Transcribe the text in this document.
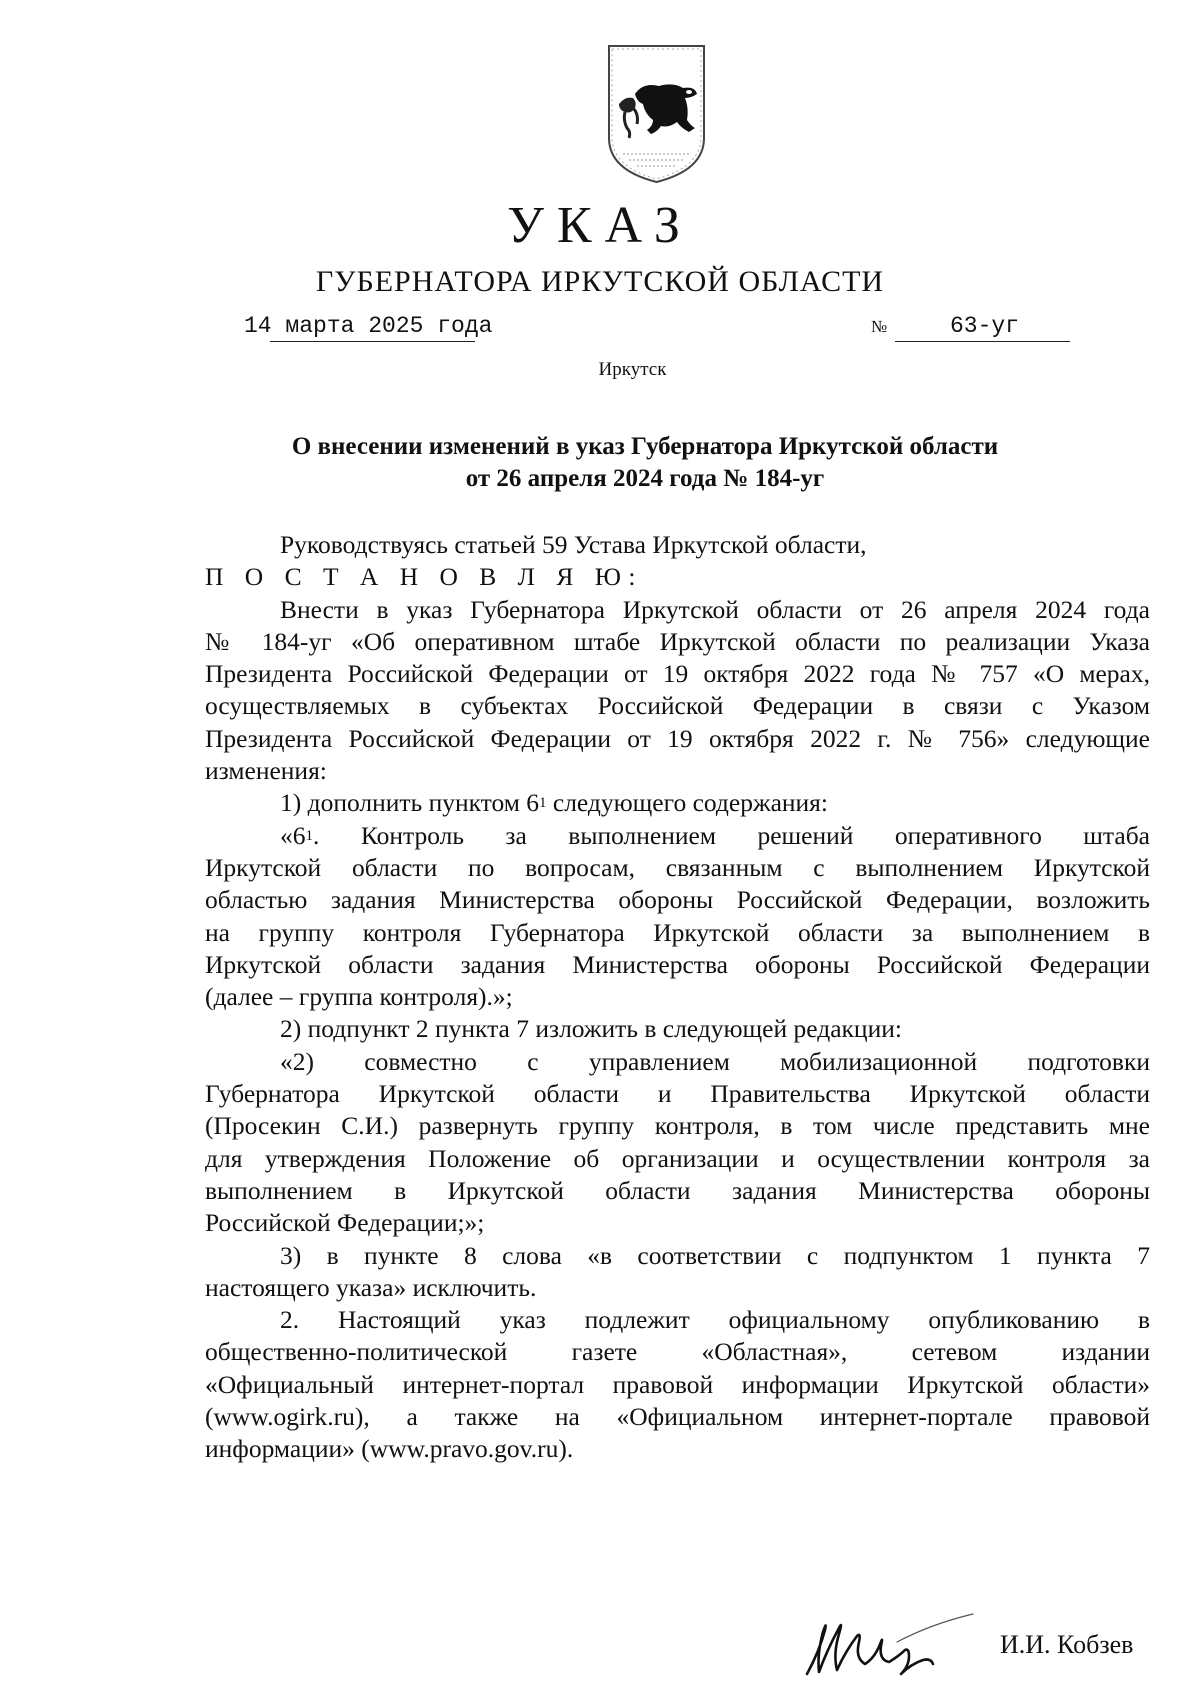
УКАЗ
ГУБЕРНАТОРА ИРКУТСКОЙ ОБЛАСТИ
14 марта 2025 года	№	63-уг
Иркутск
О внесении изменений в указ Губернатора Иркутской области
от 26 апреля 2024 года № 184-уг
Руководствуясь статьей 59 Устава Иркутской области,
П О С Т А Н О В Л Я Ю:
Внести в указ Губернатора Иркутской области от 26 апреля 2024 года
№ 184-уг «Об оперативном штабе Иркутской области по реализации Указа
Президента Российской Федерации от 19 октября 2022 года № 757 «О мерах,
осуществляемых в субъектах Российской Федерации в связи с Указом
Президента Российской Федерации от 19 октября 2022 г. № 756» следующие
изменения:
1) дополнить пунктом $6^1$ следующего содержания:
«$6^1$ . Контроль за выполнением решений оперативного штаба
Иркутской области по вопросам, связанным с выполнением Иркутской
областью задания Министерства обороны Российской Федерации, возложить
на группу контроля Губернатора Иркутской области за выполнением в
Иркутской области задания Министерства обороны Российской Федерации
(далее – группа контроля).»;
2) подпункт 2 пункта 7 изложить в следующей редакции:
«2) совместно с управлением мобилизационной подготовки
Губернатора Иркутской области и Правительства Иркутской области
(Просекин С.И.) развернуть группу контроля, в том числе представить мне
для утверждения Положение об организации и осуществлении контроля за
выполнением в Иркутской области задания Министерства обороны
Российской Федерации;»;
3) в пункте 8 слова «в соответствии с подпунктом 1 пункта 7
настоящего указа» исключить.
2. Настоящий указ подлежит официальному опубликованию в
общественно-политической газете «Областная», сетевом издании
«Официальный интернет-портал правовой информации Иркутской области»
(www.ogirk.ru), а также на «Официальном интернет-портале правовой
информации» (www.pravo.gov.ru).
И.И. Кобзев
